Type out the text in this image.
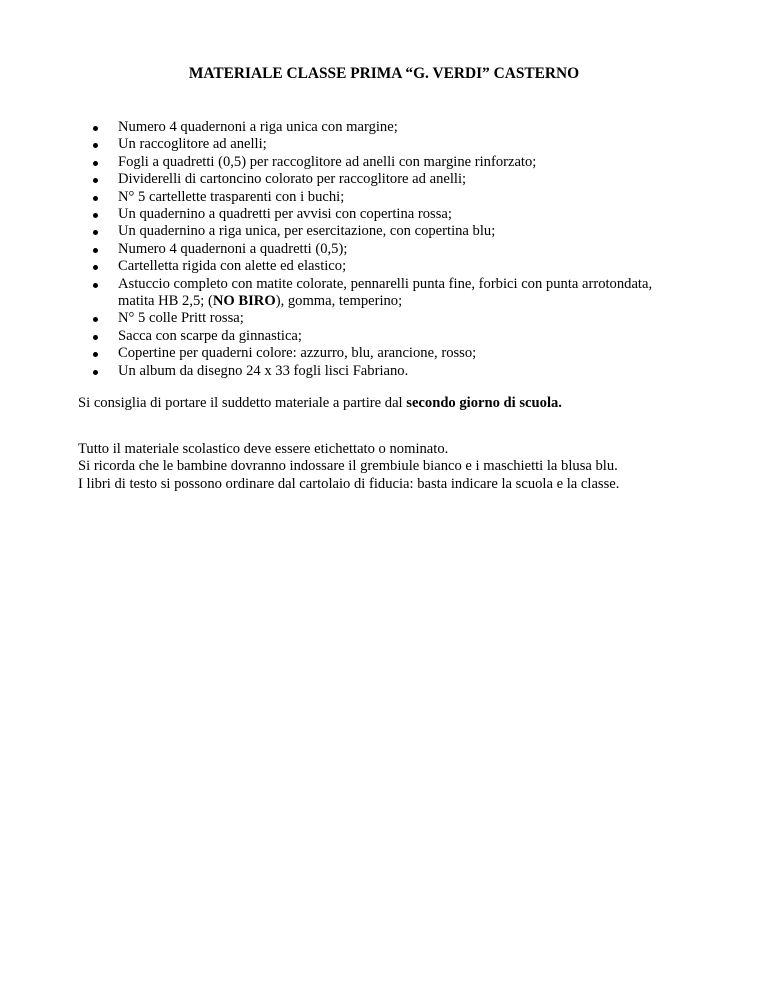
MATERIALE CLASSE PRIMA “G. VERDI” CASTERNO
Numero 4 quadernoni a riga unica con margine;
Un raccoglitore ad anelli;
Fogli a quadretti (0,5) per raccoglitore ad anelli con margine rinforzato;
Dividerelli di cartoncino colorato per raccoglitore ad anelli;
N° 5 cartellette trasparenti con i buchi;
Un quadernino a quadretti per avvisi con copertina rossa;
Un quadernino a riga unica, per esercitazione, con copertina blu;
Numero 4 quadernoni a quadretti (0,5);
Cartelletta rigida con alette ed elastico;
Astuccio completo con matite colorate, pennarelli punta fine, forbici con punta arrotondata,
matita HB 2,5; (NO BIRO), gomma, temperino;
N° 5 colle Pritt rossa;
Sacca con scarpe da ginnastica;
Copertine per quaderni colore: azzurro, blu, arancione, rosso;
Un album da disegno 24 x 33 fogli lisci Fabriano.

Si consiglia di portare il suddetto materiale a partire dal secondo giorno di scuola.

Tutto il materiale scolastico deve essere etichettato o nominato.
Si ricorda che le bambine dovranno indossare il grembiule bianco e i maschietti la blusa blu.
I libri di testo si possono ordinare dal cartolaio di fiducia: basta indicare la scuola e la classe.
